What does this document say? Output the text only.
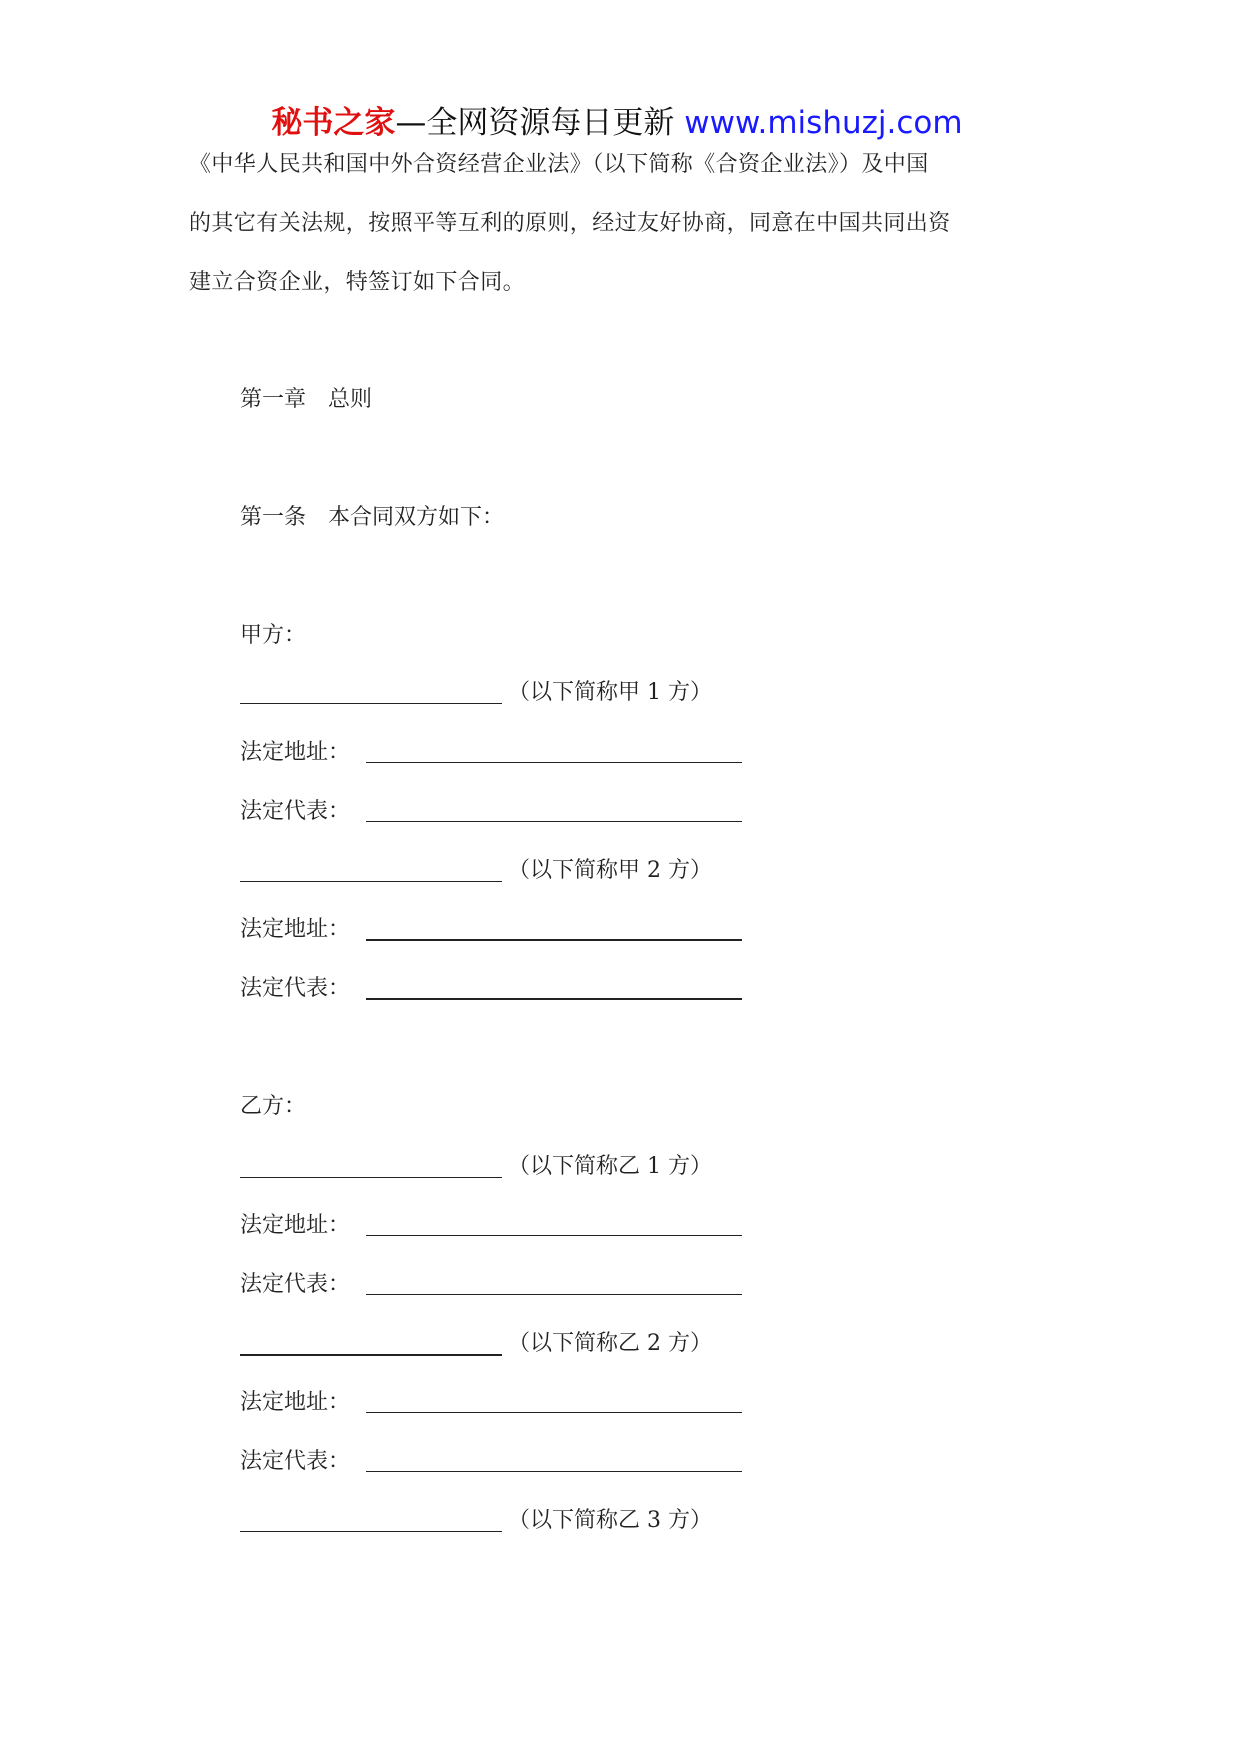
秘书之家—全网资源每日更新 www.mishuzj.com
《中华人民共和国中外合资经营企业法》（以下简称《合资企业法》）及中国
的其它有关法规，按照平等互利的原则，经过友好协商，同意在中国共同出资
建立合资企业，特签订如下合同。
第一章　总则
第一条　本合同双方如下：
甲方：
（以下简称甲 1 方）
法定地址：
法定代表：
（以下简称甲 2 方）
法定地址：
法定代表：
乙方：
（以下简称乙 1 方）
法定地址：
法定代表：
（以下简称乙 2 方）
法定地址：
法定代表：
（以下简称乙 3 方）
